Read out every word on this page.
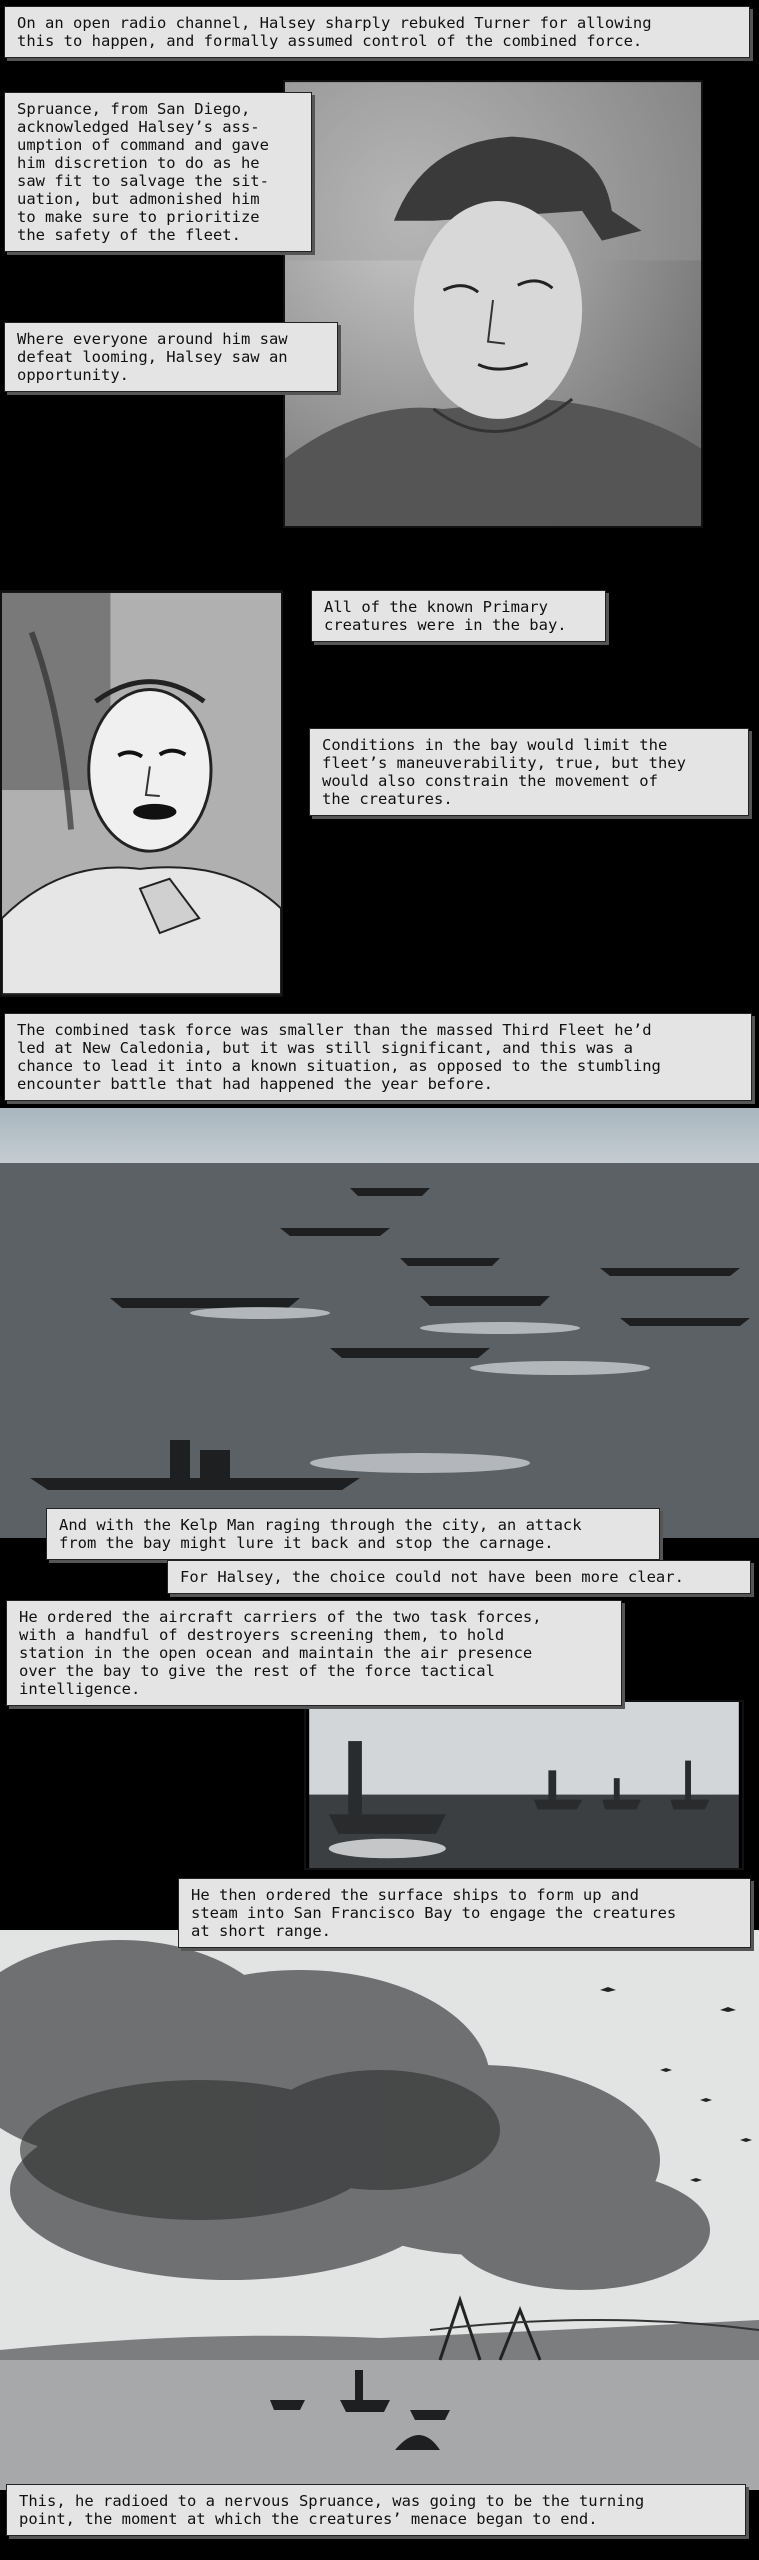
On an open radio channel, Halsey sharply rebuked Turner for allowing
this to happen, and formally assumed control of the combined force.
Spruance, from San Diego,
acknowledged Halsey’s ass-
umption of command and gave
him discretion to do as he
saw fit to salvage the sit-
uation, but admonished him
to make sure to prioritize
the safety of the fleet.
Where everyone around him saw
defeat looming, Halsey saw an
opportunity.
All of the known Primary
creatures were in the bay.
Conditions in the bay would limit the
fleet’s maneuverability, true, but they
would also constrain the movement of
the creatures.
The combined task force was smaller than the massed Third Fleet he’d
led at New Caledonia, but it was still significant, and this was a
chance to lead it into a known situation, as opposed to the stumbling
encounter battle that had happened the year before.
And with the Kelp Man raging through the city, an attack
from the bay might lure it back and stop the carnage.
For Halsey, the choice could not have been more clear.
He ordered the aircraft carriers of the two task forces,
with a handful of destroyers screening them, to hold
station in the open ocean and maintain the air presence
over the bay to give the rest of the force tactical
intelligence.
He then ordered the surface ships to form up and
steam into San Francisco Bay to engage the creatures
at short range.
This, he radioed to a nervous Spruance, was going to be the turning
point, the moment at which the creatures’ menace began to end.
